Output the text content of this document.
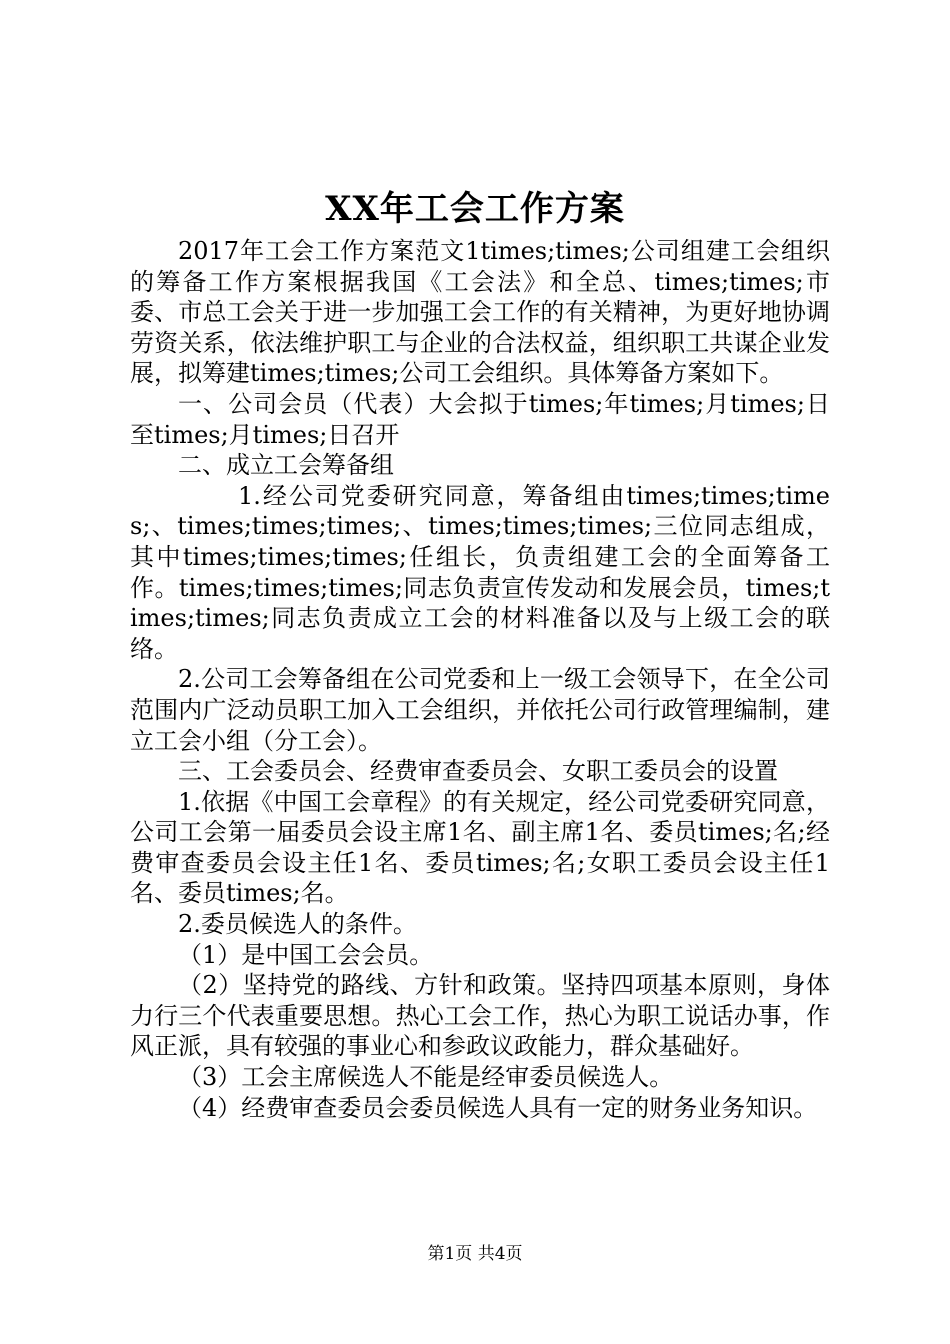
XX年工会工作方案

2017年工会工作方案范文1times;times;公司组建工会组织的筹备工作方案根据我国《工会法》和全总、times;times;市委、市总工会关于进一步加强工会工作的有关精神，为更好地协调劳资关系，依法维护职工与企业的合法权益，组织职工共谋企业发展，拟筹建times;times;公司工会组织。具体筹备方案如下。

一、公司会员（代表）大会拟于times;年times;月times;日至times;月times;日召开

二、成立工会筹备组

1.经公司党委研究同意，筹备组由times;times;times;、times;times;times;、times;times;times;三位同志组成，其中times;times;times;任组长，负责组建工会的全面筹备工作。times;times;times;同志负责宣传发动和发展会员，times;times;times;同志负责成立工会的材料准备以及与上级工会的联络。

2.公司工会筹备组在公司党委和上一级工会领导下，在全公司范围内广泛动员职工加入工会组织，并依托公司行政管理编制，建立工会小组（分工会）。

三、工会委员会、经费审查委员会、女职工委员会的设置

1.依据《中国工会章程》的有关规定，经公司党委研究同意，公司工会第一届委员会设主席1名、副主席1名、委员times;名;经费审查委员会设主任1名、委员times;名;女职工委员会设主任1名、委员times;名。

2.委员候选人的条件。

（1）是中国工会会员。

（2）坚持党的路线、方针和政策。坚持四项基本原则，身体力行三个代表重要思想。热心工会工作，热心为职工说话办事，作风正派，具有较强的事业心和参政议政能力，群众基础好。

（3）工会主席候选人不能是经审委员候选人。

（4）经费审查委员会委员候选人具有一定的财务业务知识。

第1页 共4页
